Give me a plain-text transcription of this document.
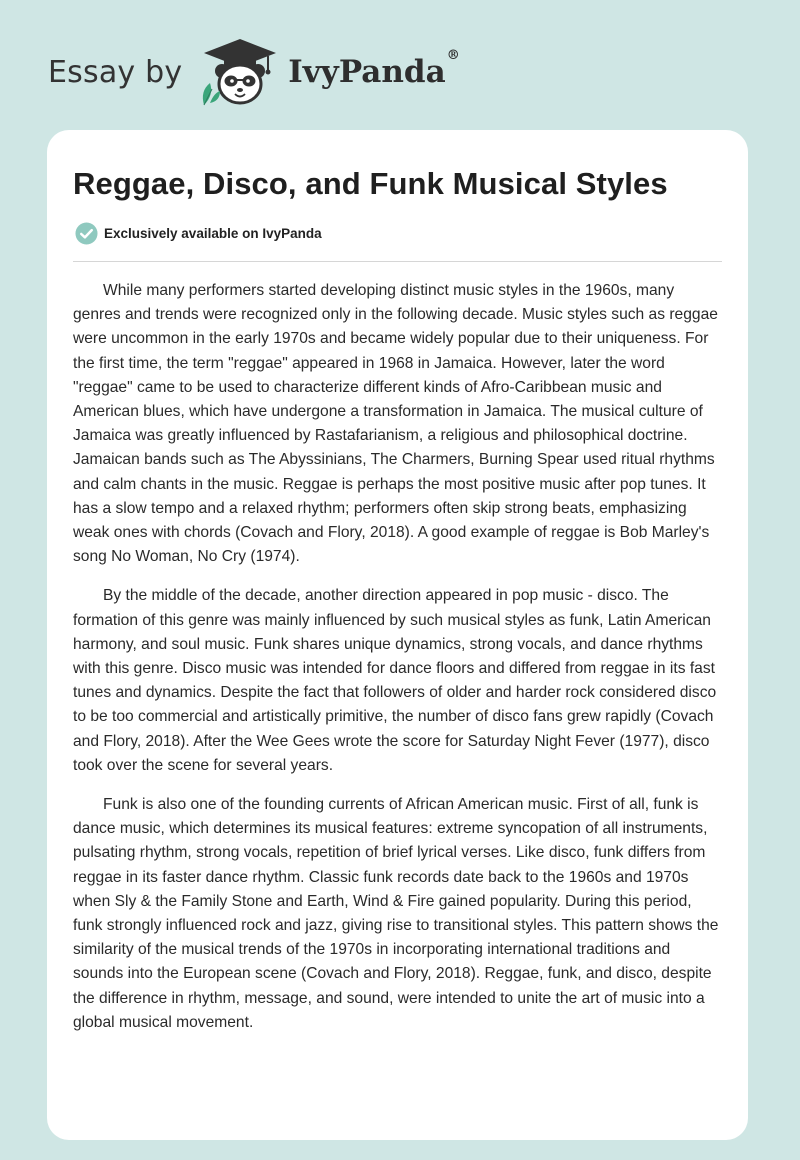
Essay by	IvyPanda®
Reggae, Disco, and Funk Musical Styles
Exclusively available on IvyPanda

While many performers started developing distinct music styles in the 1960s, many genres and trends were recognized only in the following decade. Music styles such as reggae were uncommon in the early 1970s and became widely popular due to their uniqueness. For the first time, the term "reggae" appeared in 1968 in Jamaica. However, later the word "reggae" came to be used to characterize different kinds of Afro-Caribbean music and American blues, which have undergone a transformation in Jamaica. The musical culture of Jamaica was greatly influenced by Rastafarianism, a religious and philosophical doctrine. Jamaican bands such as The Abyssinians, The Charmers, Burning Spear used ritual rhythms and calm chants in the music. Reggae is perhaps the most positive music after pop tunes. It has a slow tempo and a relaxed rhythm; performers often skip strong beats, emphasizing weak ones with chords (Covach and Flory, 2018). A good example of reggae is Bob Marley's song No Woman, No Cry (1974).

By the middle of the decade, another direction appeared in pop music - disco. The formation of this genre was mainly influenced by such musical styles as funk, Latin American harmony, and soul music. Funk shares unique dynamics, strong vocals, and dance rhythms with this genre. Disco music was intended for dance floors and differed from reggae in its fast tunes and dynamics. Despite the fact that followers of older and harder rock considered disco to be too commercial and artistically primitive, the number of disco fans grew rapidly (Covach and Flory, 2018). After the Wee Gees wrote the score for Saturday Night Fever (1977), disco took over the scene for several years.

Funk is also one of the founding currents of African American music. First of all, funk is dance music, which determines its musical features: extreme syncopation of all instruments, pulsating rhythm, strong vocals, repetition of brief lyrical verses. Like disco, funk differs from reggae in its faster dance rhythm. Classic funk records date back to the 1960s and 1970s when Sly & the Family Stone and Earth, Wind & Fire gained popularity. During this period, funk strongly influenced rock and jazz, giving rise to transitional styles. This pattern shows the similarity of the musical trends of the 1970s in incorporating international traditions and sounds into the European scene (Covach and Flory, 2018). Reggae, funk, and disco, despite the difference in rhythm, message, and sound, were intended to unite the art of music into a global musical movement.
